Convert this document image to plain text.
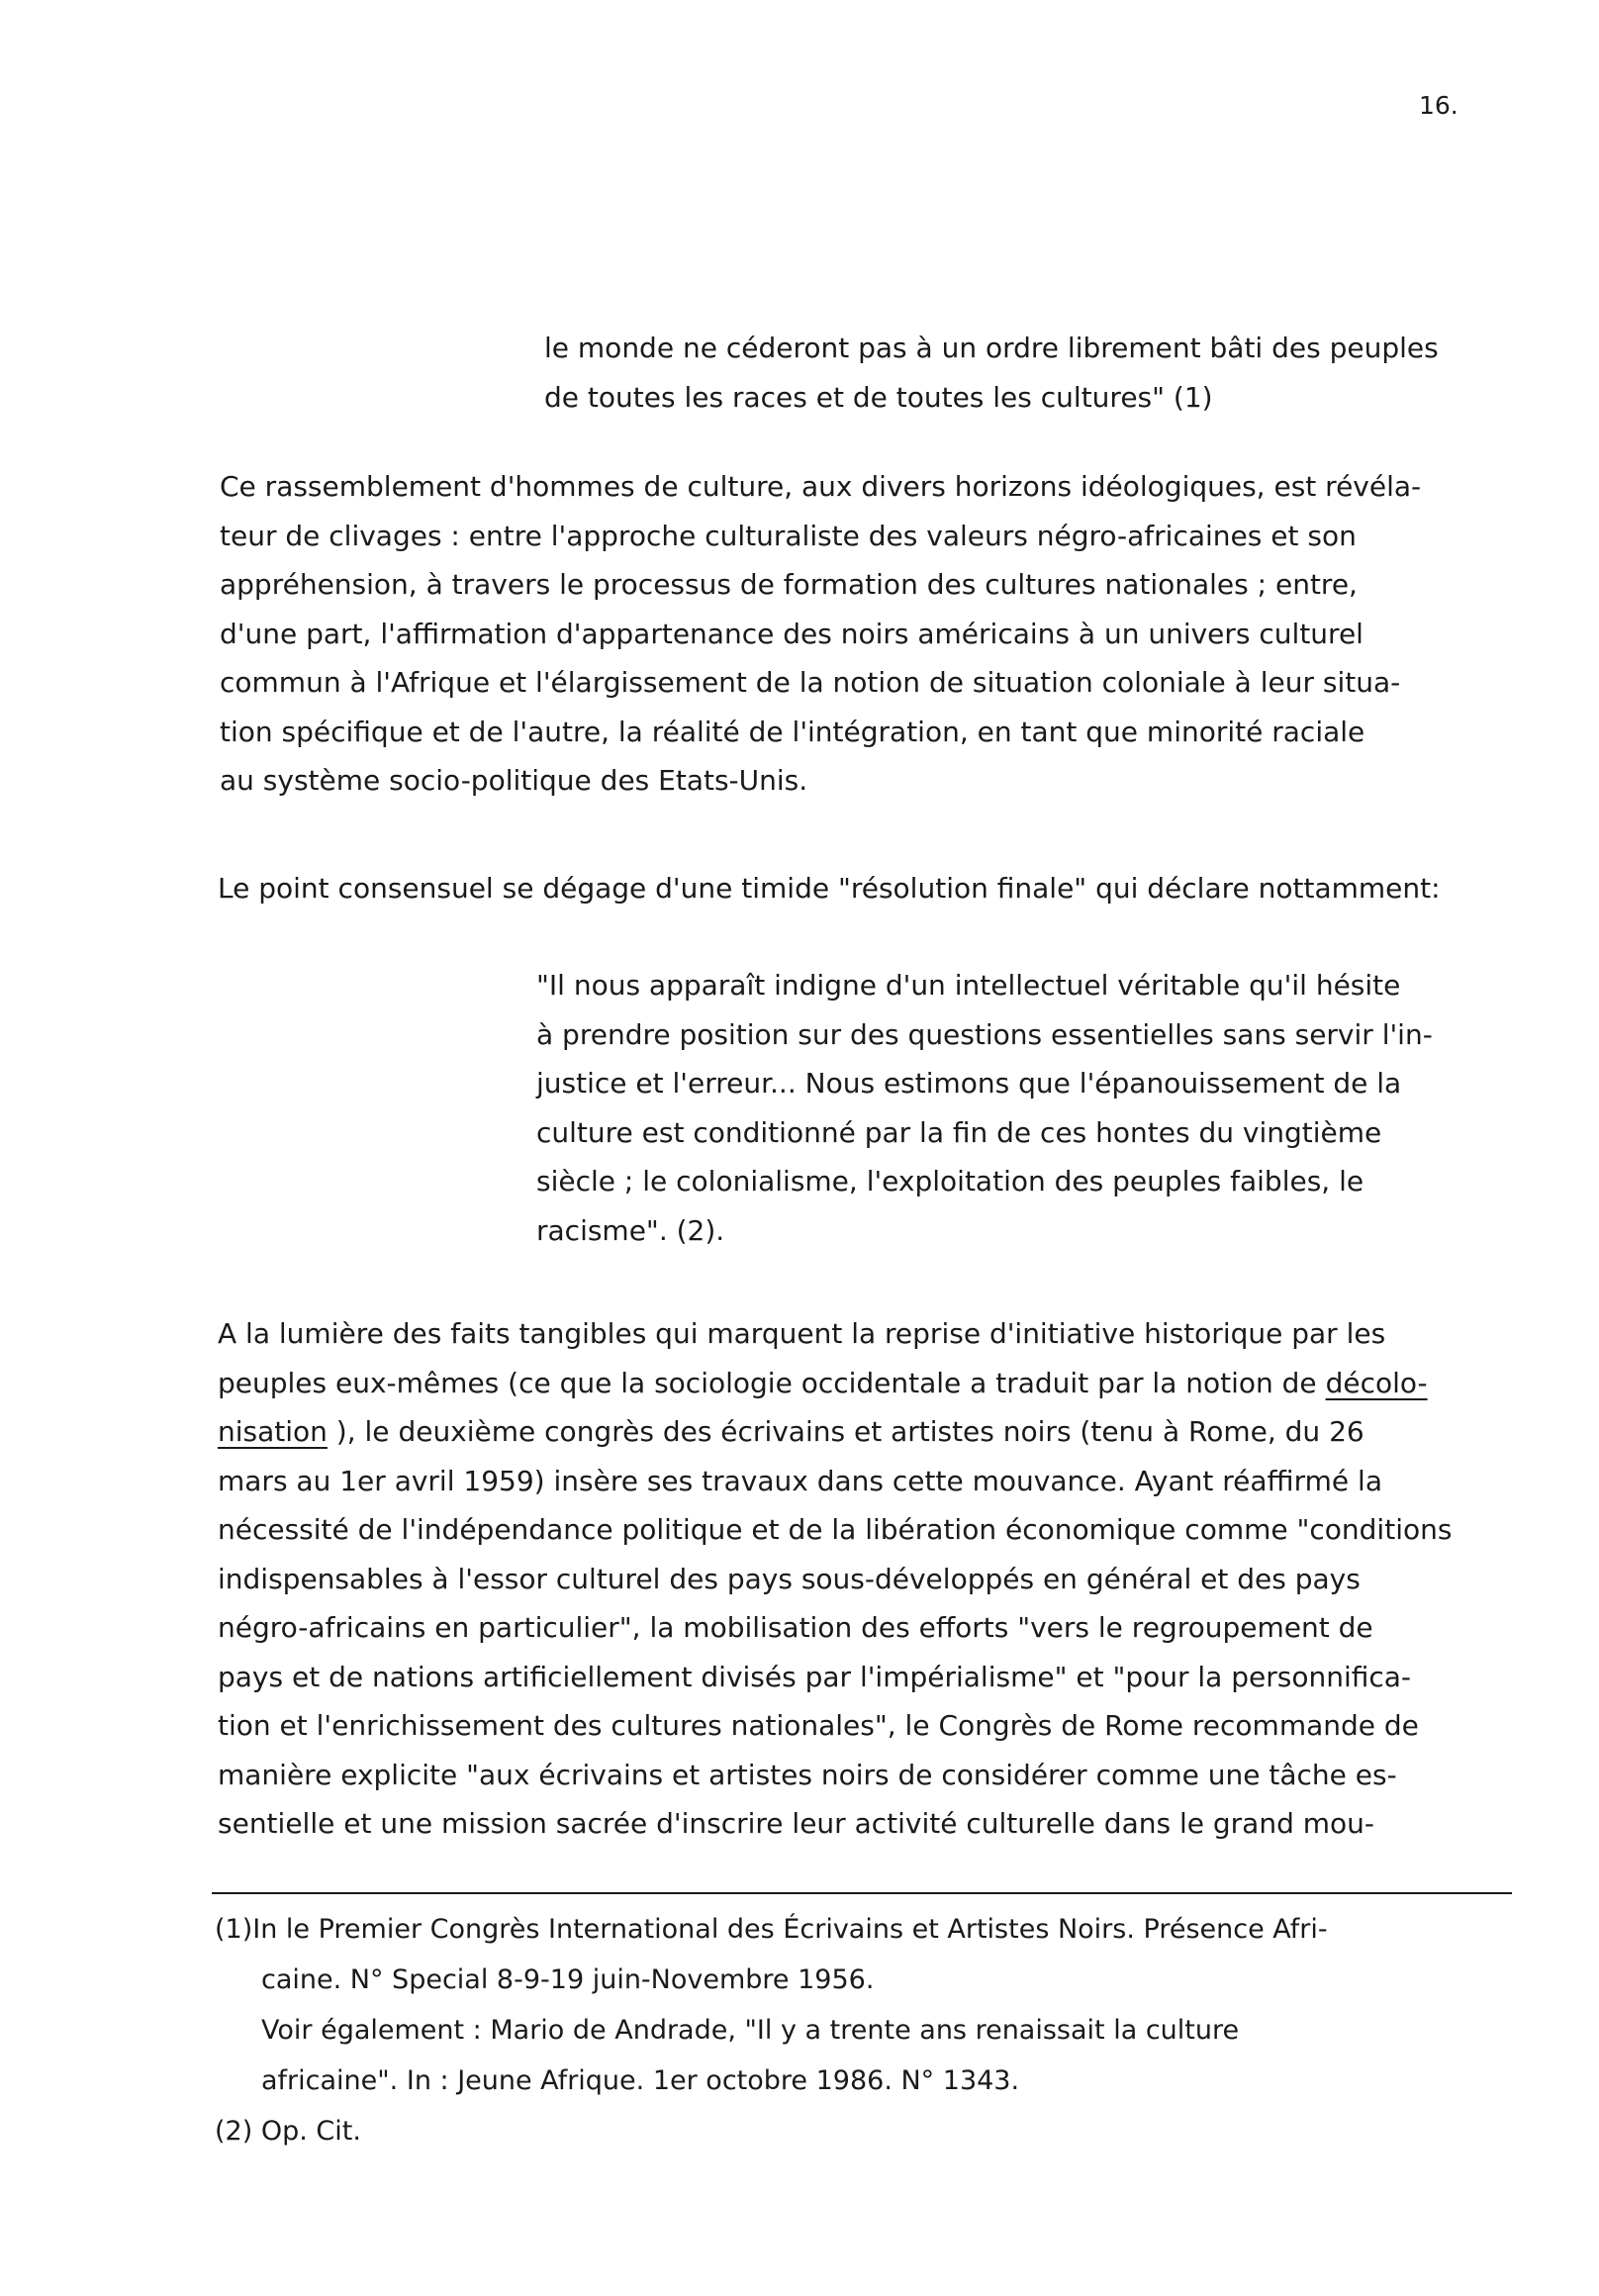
16.
le monde ne céderont pas à un ordre librement bâti des peuples
de toutes les races et de toutes les cultures" (1)
Ce rassemblement d'hommes de culture, aux divers horizons idéologiques, est révéla-
teur de clivages : entre l'approche culturaliste des valeurs négro-africaines et son
appréhension, à travers le processus de formation des cultures nationales ; entre,
d'une part, l'affirmation d'appartenance des noirs américains à un univers culturel
commun à l'Afrique et l'élargissement de la notion de situation coloniale à leur situa-
tion spécifique et de l'autre, la réalité de l'intégration, en tant que minorité raciale
au système socio-politique des Etats-Unis.
Le point consensuel se dégage d'une timide "résolution finale" qui déclare nottamment:
"Il nous apparaît indigne d'un intellectuel véritable qu'il hésite
à prendre position sur des questions essentielles sans servir l'in-
justice et l'erreur... Nous estimons que l'épanouissement de la
culture est conditionné par la fin de ces hontes du vingtième
siècle ; le colonialisme, l'exploitation des peuples faibles, le
racisme". (2).
A la lumière des faits tangibles qui marquent la reprise d'initiative historique par les
peuples eux-mêmes (ce que la sociologie occidentale a traduit par la notion de décolo-
nisation ), le deuxième congrès des écrivains et artistes noirs (tenu à Rome, du 26
mars au 1er avril 1959) insère ses travaux dans cette mouvance. Ayant réaffirmé la
nécessité de l'indépendance politique et de la libération économique comme "conditions
indispensables à l'essor culturel des pays sous-développés en général et des pays
négro-africains en particulier", la mobilisation des efforts "vers le regroupement de
pays et de nations artificiellement divisés par l'impérialisme" et "pour la personnifica-
tion et l'enrichissement des cultures nationales", le Congrès de Rome recommande de
manière explicite "aux écrivains et artistes noirs de considérer comme une tâche es-
sentielle et une mission sacrée d'inscrire leur activité culturelle dans le grand mou-
(1)In le Premier Congrès International des Écrivains et Artistes Noirs. Présence Afri-
caine. N° Special 8-9-19 juin-Novembre 1956.
Voir également : Mario de Andrade, "Il y a trente ans renaissait la culture
africaine". In : Jeune Afrique. 1er octobre 1986. N° 1343.
(2) Op. Cit.
